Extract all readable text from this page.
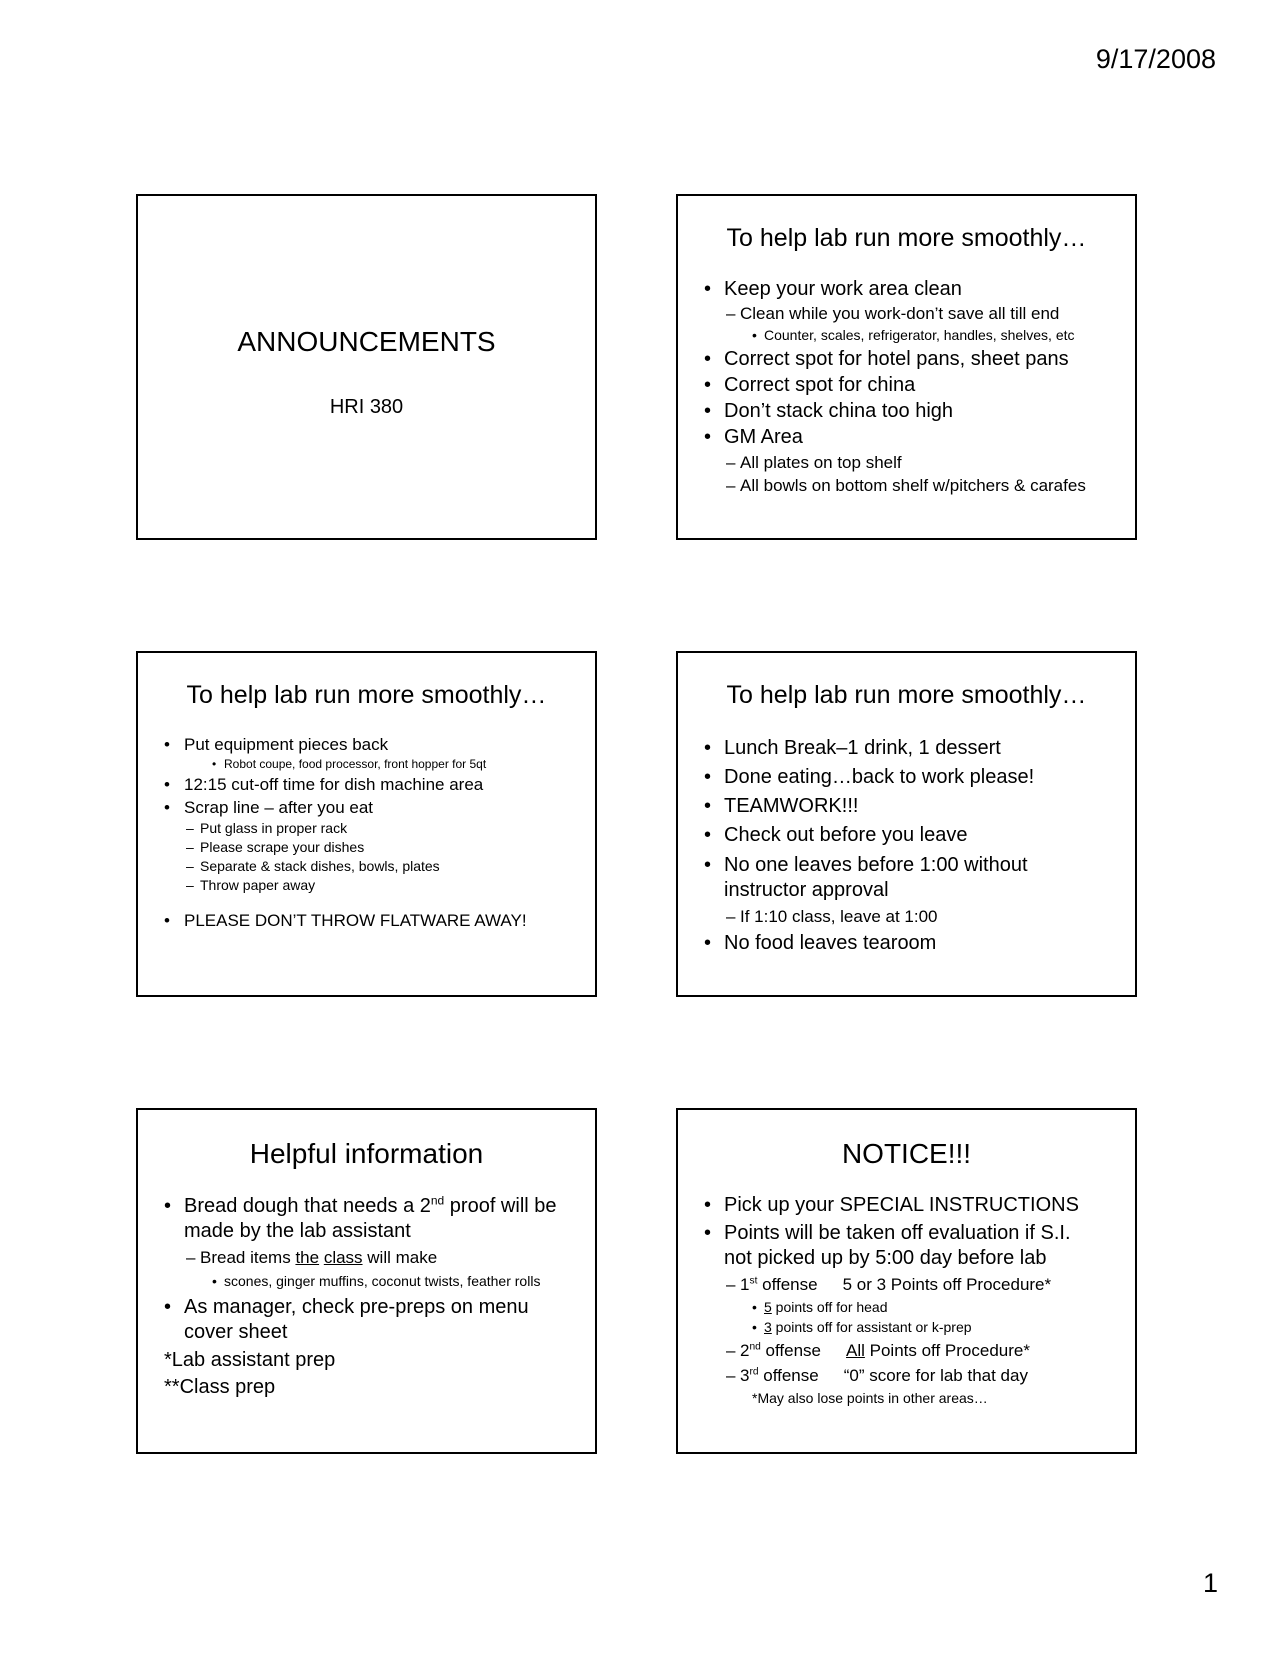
9/17/2008
ANNOUNCEMENTS
HRI 380
To help lab run more smoothly…
• Keep your work area clean
– Clean while you work-don’t save all till end
• Counter, scales, refrigerator, handles, shelves, etc
• Correct spot for hotel pans, sheet pans
• Correct spot for china
• Don’t stack china too high
• GM Area
– All plates on top shelf
– All bowls on bottom shelf w/pitchers & carafes
To help lab run more smoothly…
• Put equipment pieces back
• Robot coupe, food processor, front hopper for 5qt
• 12:15 cut-off time for dish machine area
• Scrap line – after you eat
– Put glass in proper rack
– Please scrape your dishes
– Separate & stack dishes, bowls, plates
– Throw paper away
• PLEASE DON’T THROW FLATWARE AWAY!
To help lab run more smoothly…
• Lunch Break–1 drink, 1 dessert
• Done eating…back to work please!
• TEAMWORK!!!
• Check out before you leave
• No one leaves before 1:00 without instructor approval
– If 1:10 class, leave at 1:00
• No food leaves tearoom
Helpful information
• Bread dough that needs a 2nd proof will be made by the lab assistant
– Bread items the class will make
• scones, ginger muffins, coconut twists, feather rolls
• As manager, check pre-preps on menu cover sheet
*Lab assistant prep
**Class prep
NOTICE!!!
• Pick up your SPECIAL INSTRUCTIONS
• Points will be taken off evaluation if S.I. not picked up by 5:00 day before lab
– 1st offense 5 or 3 Points off Procedure*
• 5 points off for head
• 3 points off for assistant or k-prep
– 2nd offense All Points off Procedure*
– 3rd offense “0” score for lab that day
*May also lose points in other areas…
1
